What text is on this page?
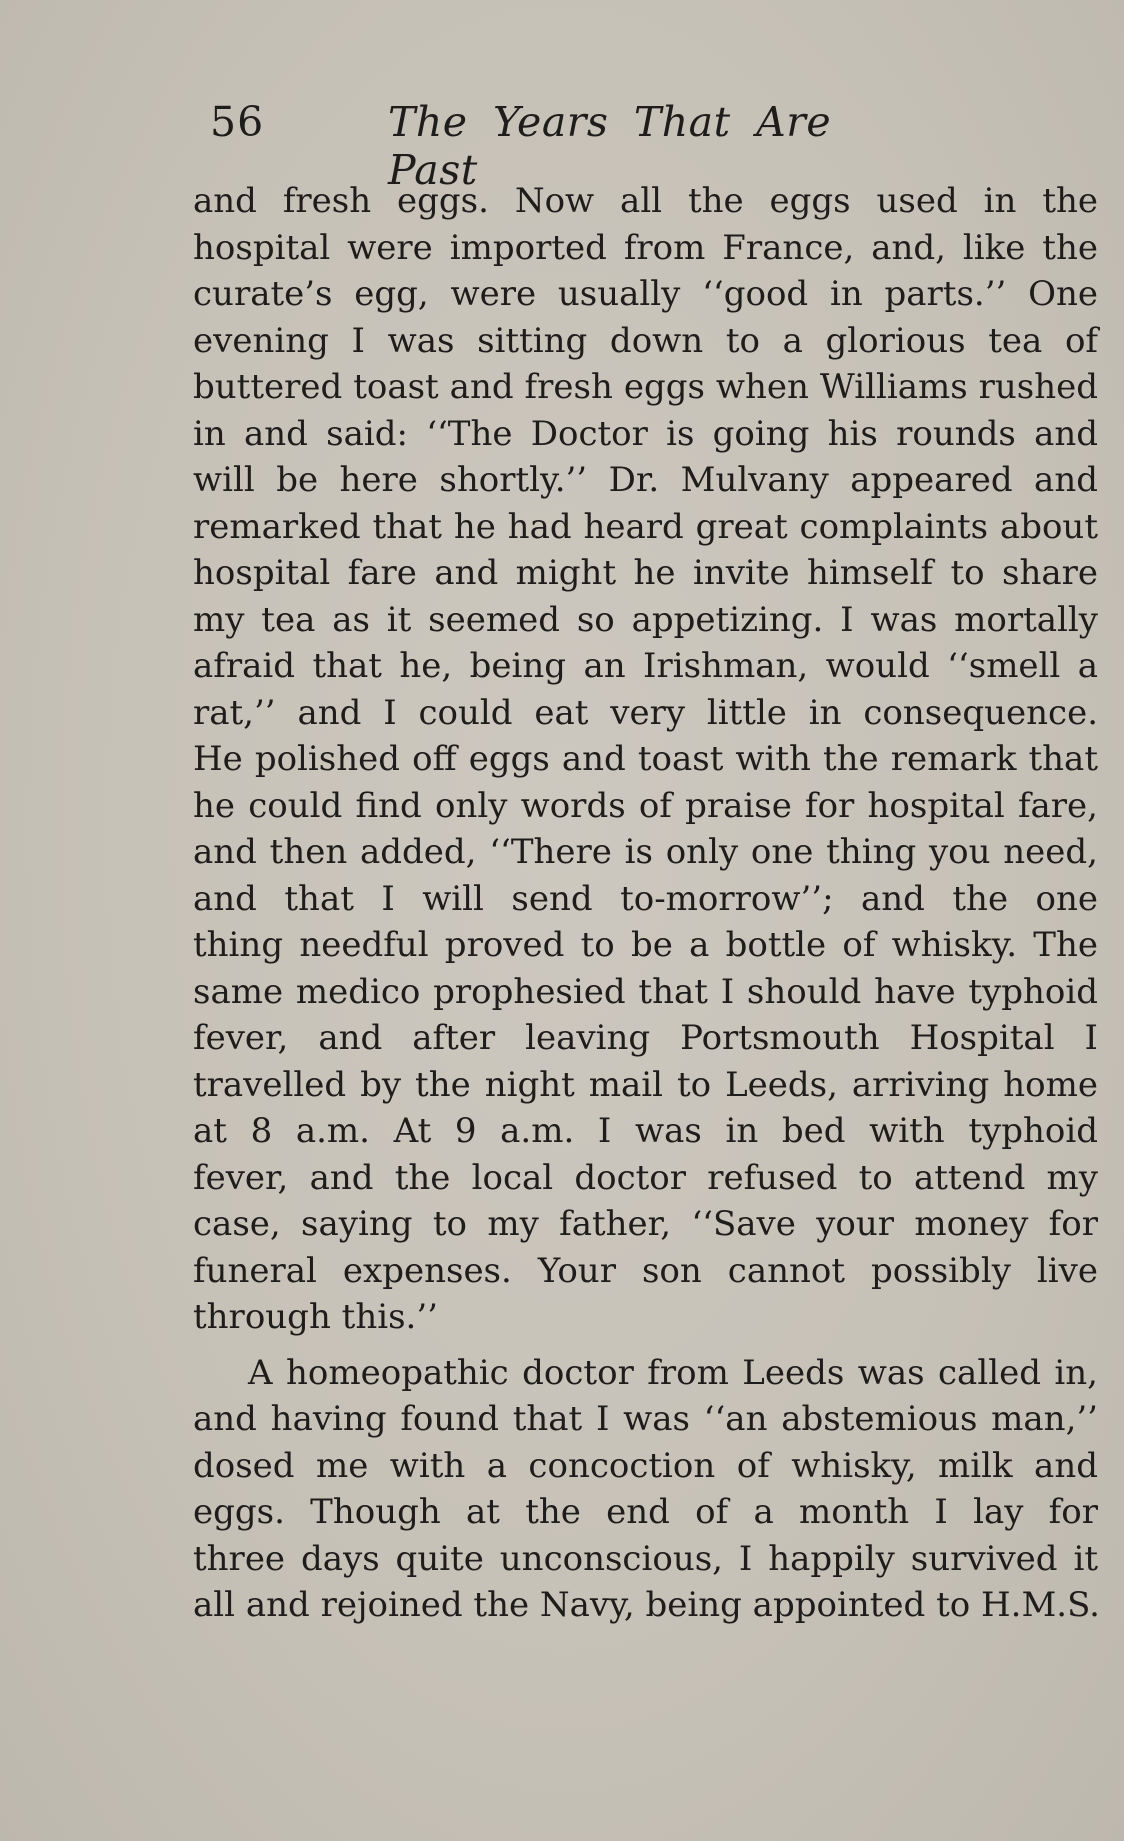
56	The Years That Are Past
and fresh eggs. Now all the eggs used in the
hospital were imported from France, and, like the
curate’s egg, were usually ‘‘good in parts.’’ One
evening I was sitting down to a glorious tea of
buttered toast and fresh eggs when Williams rushed
in and said: ‘‘The Doctor is going his rounds and
will be here shortly.’’ Dr. Mulvany appeared and
remarked that he had heard great complaints about
hospital fare and might he invite himself to share
my tea as it seemed so appetizing. I was mortally
afraid that he, being an Irishman, would ‘‘smell a
rat,’’ and I could eat very little in consequence.
He polished off eggs and toast with the remark that
he could find only words of praise for hospital fare,
and then added, ‘‘There is only one thing you need,
and that I will send to-morrow’’; and the one
thing needful proved to be a bottle of whisky. The
same medico prophesied that I should have typhoid
fever, and after leaving Portsmouth Hospital I
travelled by the night mail to Leeds, arriving home
at 8 a.m. At 9 a.m. I was in bed with typhoid
fever, and the local doctor refused to attend my
case, saying to my father, ‘‘Save your money for
funeral expenses. Your son cannot possibly live
through this.’’
A homeopathic doctor from Leeds was called in,
and having found that I was ‘‘an abstemious man,’’
dosed me with a concoction of whisky, milk and
eggs. Though at the end of a month I lay for
three days quite unconscious, I happily survived it
all and rejoined the Navy, being appointed to H.M.S.
